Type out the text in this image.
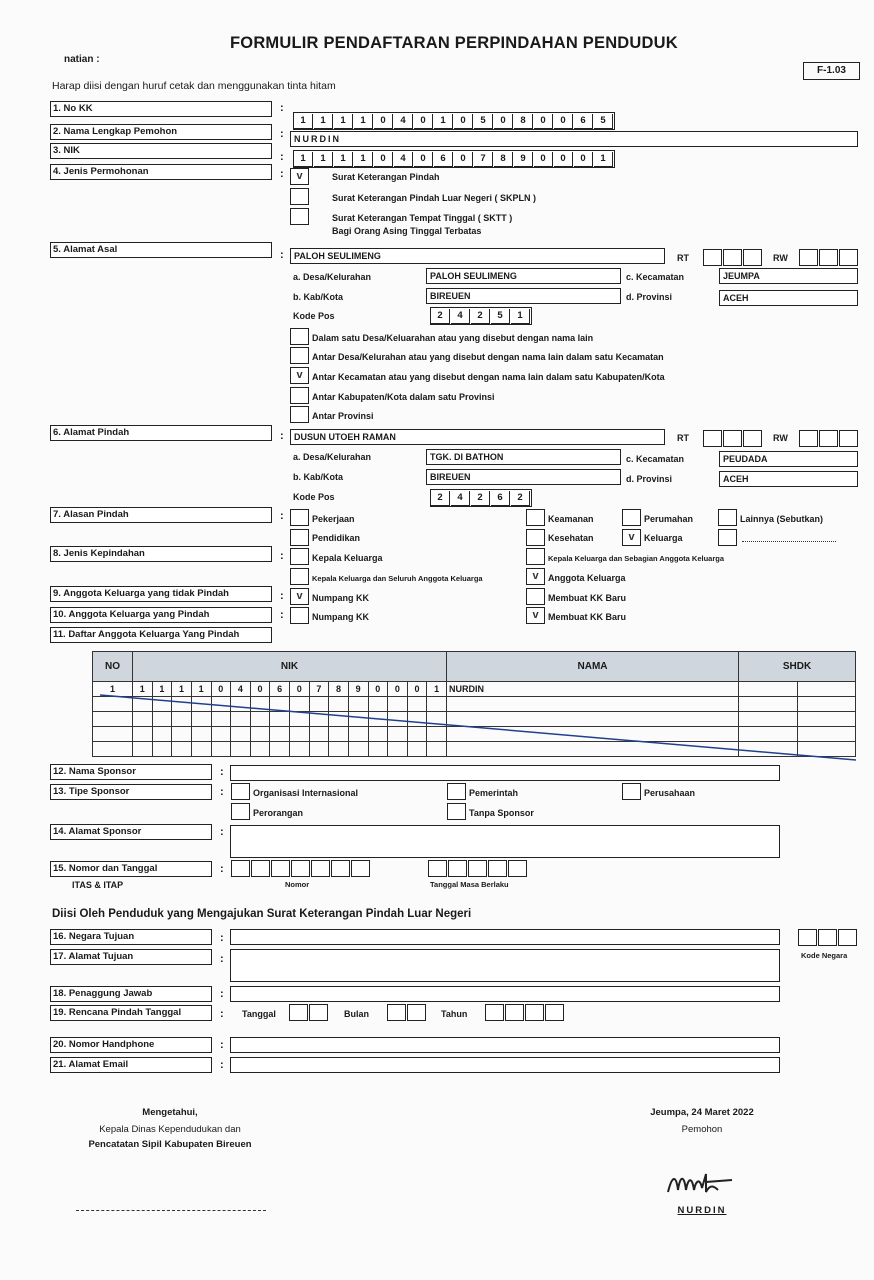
FORMULIR PENDAFTARAN PERPINDAHAN PENDUDUK
F-1.03
natian :
Harap diisi dengan huruf cetak dan menggunakan tinta hitam
1. No KK	:
1	1	1	1	0	4	0	1	0	5	0	8	0	0	6	5
2. Nama Lengkap Pemohon	:	NURDIN
3. NIK
:	1	1	1	1	0	4	0	6	0	7	8	9	0	0	0	1
4. Jenis Permohonan	:	v	Surat Keterangan Pindah
Surat Keterangan Pindah Luar Negeri ( SKPLN )
Surat Keterangan Tempat Tinggal ( SKTT )
Bagi Orang Asing Tinggal Terbatas
5. Alamat Asal	:	PALOH SEULIMENG	RT	RW
a. Desa/Kelurahan	PALOH SEULIMENG	c. Kecamatan	JEUMPA
b. Kab/Kota	BIREUEN	d. Provinsi	ACEH
Kode Pos	2	4	2	5	1
Dalam satu Desa/Keluarahan atau yang disebut dengan nama lain
Antar Desa/Kelurahan atau yang disebut dengan nama lain dalam satu Kecamatan
v	Antar Kecamatan atau yang disebut dengan nama lain dalam satu Kabupaten/Kota
Antar Kabupaten/Kota dalam satu Provinsi
Antar Provinsi
6. Alamat Pindah	:	DUSUN UTOEH RAMAN	RT	RW
a. Desa/Kelurahan	TGK. DI BATHON	c. Kecamatan	PEUDADA
b. Kab/Kota	BIREUEN	d. Provinsi	ACEH
Kode Pos	2	4	2	6	2
7. Alasan Pindah	:	Pekerjaan
Pendidikan
Keamanan
Kesehatan
Perumahan
v	Keluarga
Lainnya (Sebutkan)
8. Jenis Kepindahan	:	Kepala Keluarga	Kepala Keluarga dan Sebagian Anggota Keluarga
Kepala Keluarga dan Seluruh Anggota Keluarga	v	Anggota Keluarga
9. Anggota Keluarga yang tidak Pindah	:	v	Numpang KK	Membuat KK Baru
10. Anggota Keluarga yang Pindah	:	Numpang KK	v	Membuat KK Baru
11. Daftar Anggota Keluarga Yang Pindah
NO	NIK																NAMA	SHDK	
1	1	1	1	1	0	4	0	6	0	7	8	9	0	0	0	1	NURDIN		

12. Nama Sponsor	:
13. Tipe Sponsor	:	Organisasi Internasional	Pemerintah	Perusahaan
Perorangan	Tanpa Sponsor
14. Alamat Sponsor	:
15. Nomor dan Tanggal
ITAS & ITAP
:
Nomor	Tanggal Masa Berlaku
Diisi Oleh Penduduk yang Mengajukan Surat Keterangan Pindah Luar Negeri
16. Negara Tujuan	:
Kode Negara
17. Alamat Tujuan	:
18. Penaggung Jawab	:
19. Rencana Pindah Tanggal	: Tanggal	Bulan	Tahun
20. Nomor Handphone	:
21. Alamat Email	:
Mengetahui,
Kepala Dinas Kependudukan dan
Pencatatan Sipil Kabupaten Bireuen
Jeumpa, 24 Maret 2022
Pemohon
NURDIN
